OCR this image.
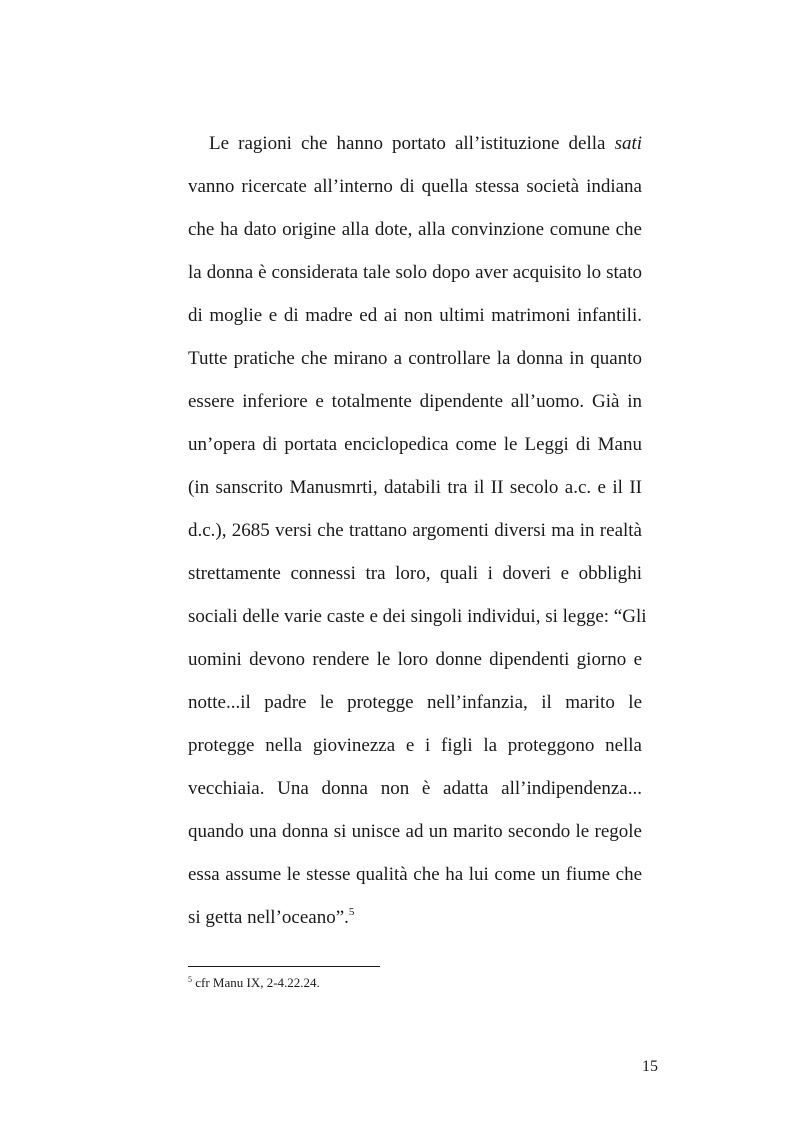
Le ragioni che hanno portato all’istituzione della sati
vanno ricercate all’interno di quella stessa società indiana
che ha dato origine alla dote, alla convinzione comune che
la donna è considerata tale solo dopo aver acquisito lo stato
di moglie e di madre ed ai non ultimi matrimoni infantili.
Tutte pratiche che mirano a controllare la donna in quanto
essere inferiore e totalmente dipendente all’uomo. Già in
un’opera di portata enciclopedica come le Leggi di Manu
(in sanscrito Manusmrti, databili tra il II secolo a.c. e il II
d.c.), 2685 versi che trattano argomenti diversi ma in realtà
strettamente connessi tra loro, quali i doveri e obblighi
sociali delle varie caste e dei singoli individui, si legge: “Gli
uomini devono rendere le loro donne dipendenti giorno e
notte...il padre le protegge nell’infanzia, il marito le
protegge nella giovinezza e i figli la proteggono nella
vecchiaia. Una donna non è adatta all’indipendenza...
quando una donna si unisce ad un marito secondo le regole
essa assume le stesse qualità che ha lui come un fiume che
si getta nell’oceano”.$^5$
$^5$ cfr Manu IX, 2-4.22.24.
15
